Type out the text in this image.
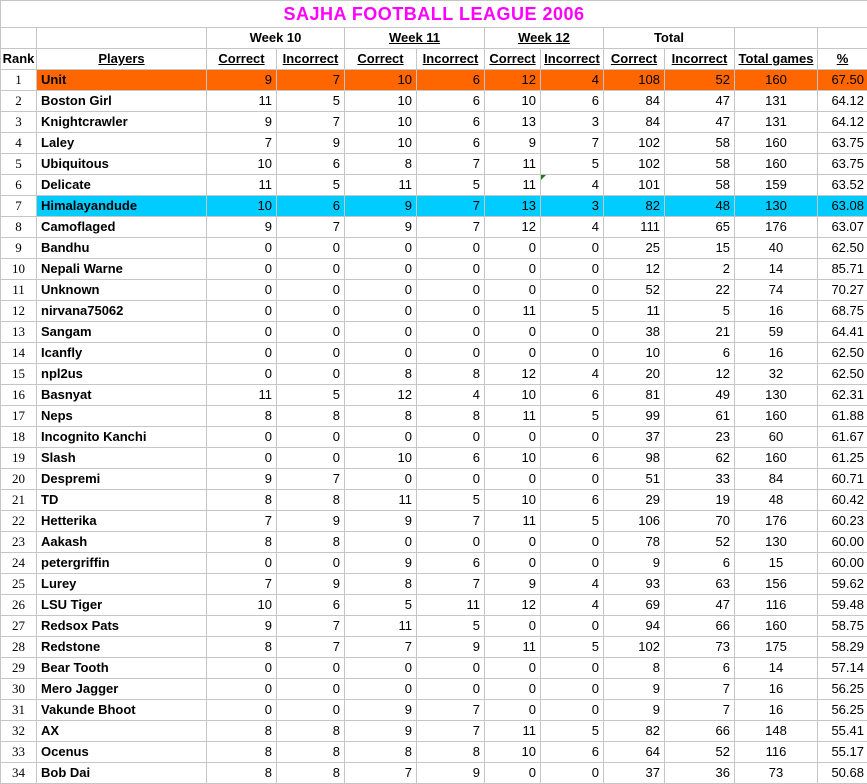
SAJHA FOOTBALL LEAGUE 2006											
		Week 10		Week 11		Week 12		Total			
Rank	Players	Correct	Incorrect	Correct	Incorrect	Correct	Incorrect	Correct	Incorrect	Total games	%
1	Unit	9	7	10	6	12	4	108	52	160	67.50
2	Boston Girl	11	5	10	6	10	6	84	47	131	64.12
3	Knightcrawler	9	7	10	6	13	3	84	47	131	64.12
4	Laley	7	9	10	6	9	7	102	58	160	63.75
5	Ubiquitous	10	6	8	7	11	5	102	58	160	63.75
6	Delicate	11	5	11	5	11	4	101	58	159	63.52
7	Himalayandude	10	6	9	7	13	3	82	48	130	63.08
8	Camoflaged	9	7	9	7	12	4	111	65	176	63.07
9	Bandhu	0	0	0	0	0	0	25	15	40	62.50
10	Nepali Warne	0	0	0	0	0	0	12	2	14	85.71
11	Unknown	0	0	0	0	0	0	52	22	74	70.27
12	nirvana75062	0	0	0	0	11	5	11	5	16	68.75
13	Sangam	0	0	0	0	0	0	38	21	59	64.41
14	Icanfly	0	0	0	0	0	0	10	6	16	62.50
15	npl2us	0	0	8	8	12	4	20	12	32	62.50
16	Basnyat	11	5	12	4	10	6	81	49	130	62.31
17	Neps	8	8	8	8	11	5	99	61	160	61.88
18	Incognito Kanchi	0	0	0	0	0	0	37	23	60	61.67
19	Slash	0	0	10	6	10	6	98	62	160	61.25
20	Despremi	9	7	0	0	0	0	51	33	84	60.71
21	TD	8	8	11	5	10	6	29	19	48	60.42
22	Hetterika	7	9	9	7	11	5	106	70	176	60.23
23	Aakash	8	8	0	0	0	0	78	52	130	60.00
24	petergriffin	0	0	9	6	0	0	9	6	15	60.00
25	Lurey	7	9	8	7	9	4	93	63	156	59.62
26	LSU Tiger	10	6	5	11	12	4	69	47	116	59.48
27	Redsox Pats	9	7	11	5	0	0	94	66	160	58.75
28	Redstone	8	7	7	9	11	5	102	73	175	58.29
29	Bear Tooth	0	0	0	0	0	0	8	6	14	57.14
30	Mero Jagger	0	0	0	0	0	0	9	7	16	56.25
31	Vakunde Bhoot	0	0	9	7	0	0	9	7	16	56.25
32	AX	8	8	9	7	11	5	82	66	148	55.41
33	Ocenus	8	8	8	8	10	6	64	52	116	55.17
34	Bob Dai	8	8	7	9	0	0	37	36	73	50.68
